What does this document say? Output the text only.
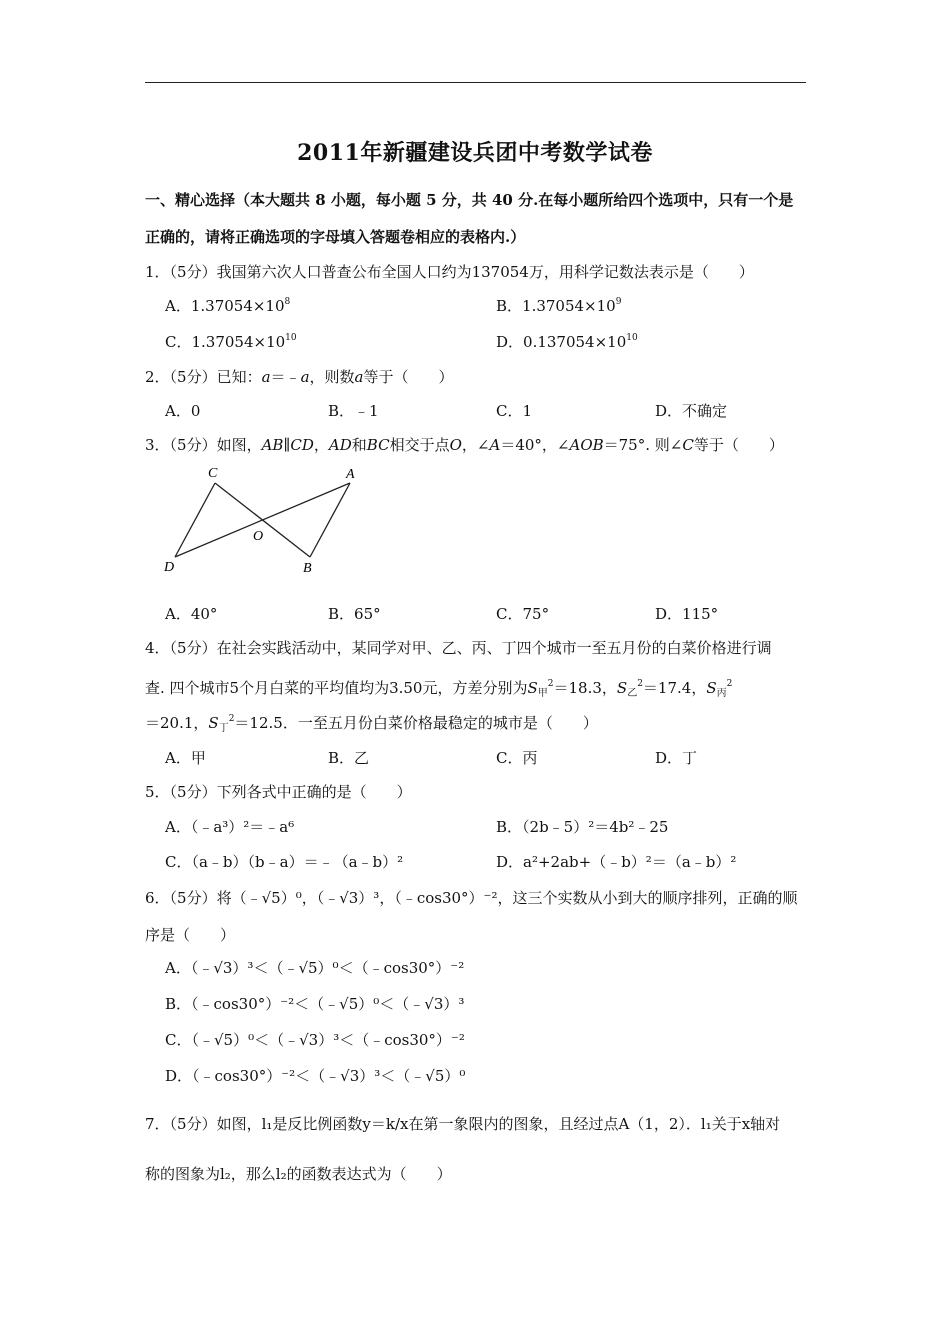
2011年新疆建设兵团中考数学试卷
一、精心选择（本大题共 8 小题，每小题 5 分，共 40 分.在每小题所给四个选项中，只有一个是
正确的，请将正确选项的字母填入答题卷相应的表格内.）
1．（5分）我国第六次人口普查公布全国人口约为137054万，用科学记数法表示是（　　）
A．$1.37054\times 10^8$	B．$1.37054\times 10^9$
C．$1.37054\times 10^{10}$	D．$0.137054\times 10^{10}$
2．（5分）已知：a＝﹣a，则数a等于（　　）
A．0	B．﹣1	C．1	D．不确定
3．（5分）如图，AB∥CD，AD和BC相交于点O，∠A＝40°，∠AOB＝75°. 则∠C等于（　　）
C	A
O
D	B
A．40°	B．65°	C．75°	D．115°
4．（5分）在社会实践活动中，某同学对甲、乙、丙、丁四个城市一至五月份的白菜价格进行调
查. 四个城市5个月白菜的平均值均为3.50元，方差分别为$S_甲^2=18.3$，$S_乙^2=17.4$，$S_丙^2$
＝20.1，$S_丁^2=12.5$．一至五月份白菜价格最稳定的城市是（　　）
A．甲	B．乙	C．丙	D．丁
5．（5分）下列各式中正确的是（　　）
A．（﹣a³）²＝﹣a⁶	B．（2b﹣5）²＝4b²﹣25
C．（a﹣b）（b﹣a）＝﹣（a﹣b）²	D．a²+2ab+（﹣b）²＝（a﹣b）²
6．（5分）将（﹣√5）⁰，（﹣√3）³，（﹣cos30°）⁻²，这三个实数从小到大的顺序排列，正确的顺
序是（　　）
A．（﹣√3）³＜（﹣√5）⁰＜（﹣cos30°）⁻²
B．（﹣cos30°）⁻²＜（﹣√5）⁰＜（﹣√3）³
C．（﹣√5）⁰＜（﹣√3）³＜（﹣cos30°）⁻²
D．（﹣cos30°）⁻²＜（﹣√3）³＜（﹣√5）⁰
7．（5分）如图，l₁是反比例函数y＝k/x在第一象限内的图象，且经过点A（1，2）．l₁关于x轴对
称的图象为l₂，那么l₂的函数表达式为（　　）
